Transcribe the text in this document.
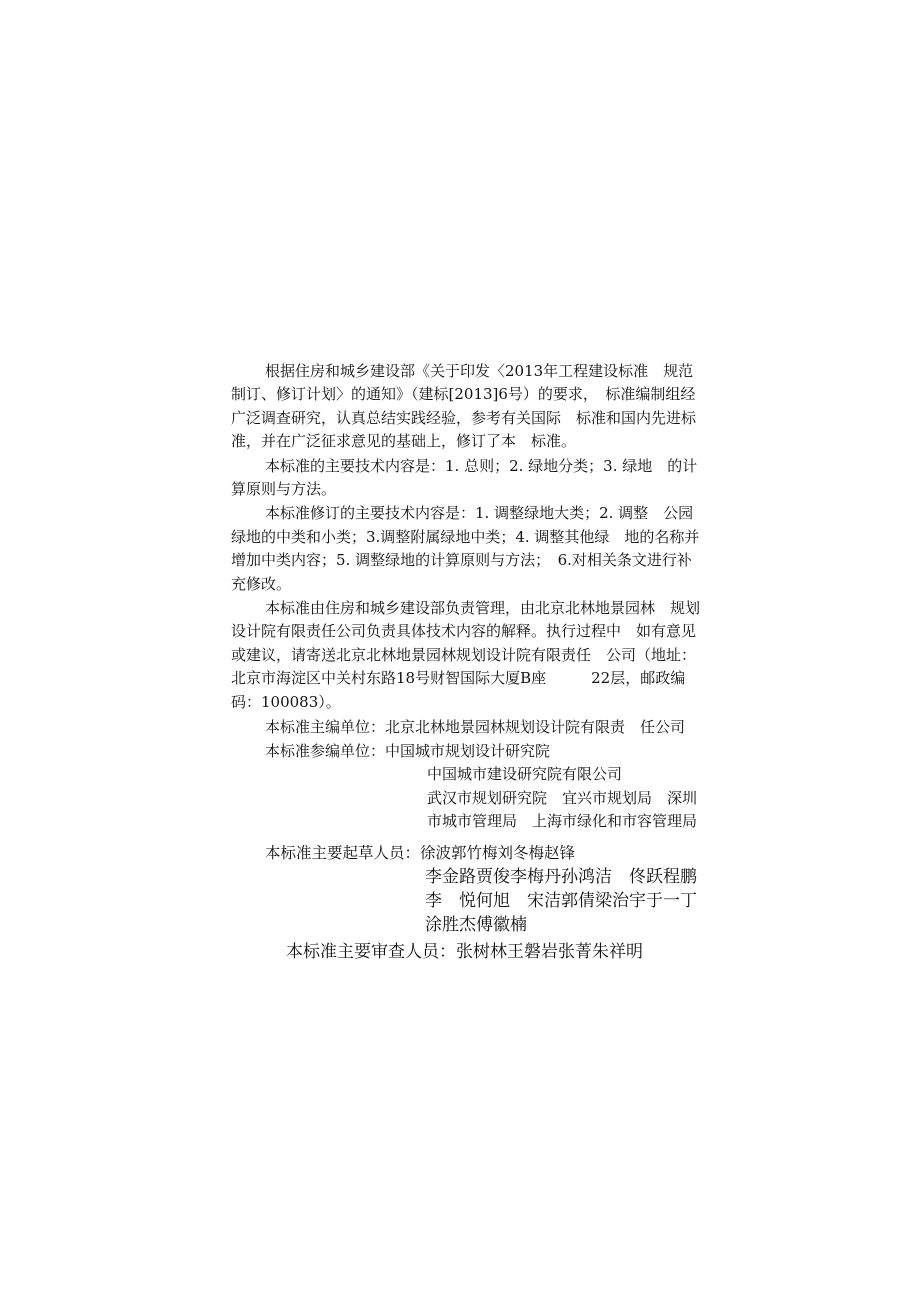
根据住房和城乡建设部《关于印发〈2013年工程建设标准　规范制订、修订计划〉的通知》（建标[2013]6号）的要求，　标准编制组经广泛调查研究，认真总结实践经验，参考有关国际　标准和国内先进标准，并在广泛征求意见的基础上，修订了本　标准。

本标准的主要技术内容是：1. 总则；2. 绿地分类；3. 绿地　的计算原则与方法。

本标准修订的主要技术内容是：1. 调整绿地大类；2. 调整　公园绿地的中类和小类；3.调整附属绿地中类；4. 调整其他绿　地的名称并增加中类内容；5. 调整绿地的计算原则与方法；　6.对相关条文进行补充修改。

本标准由住房和城乡建设部负责管理，由北京北林地景园林　规划设计院有限责任公司负责具体技术内容的解释。执行过程中　如有意见或建议，请寄送北京北林地景园林规划设计院有限责任　公司（地址：北京市海淀区中关村东路18号财智国际大厦B座　　　22层，邮政编码：100083）。

本标准主编单位：北京北林地景园林规划设计院有限责　任公司
本标准参编单位：中国城市规划设计研究院

中国城市建设研究院有限公司

武汉市规划研究院　宜兴市规划局　深圳市城市管理局　上海市绿化和市容管理局

本标准主要起草人员：徐波郭竹梅刘冬梅赵锋
李金路贾俊李梅丹孙鸿洁　佟跃程鹏　李　悦何旭　宋洁郭倩梁治宇于一丁　涂胜杰傅徽楠
本标准主要审查人员：张树林王磐岩张菁朱祥明
